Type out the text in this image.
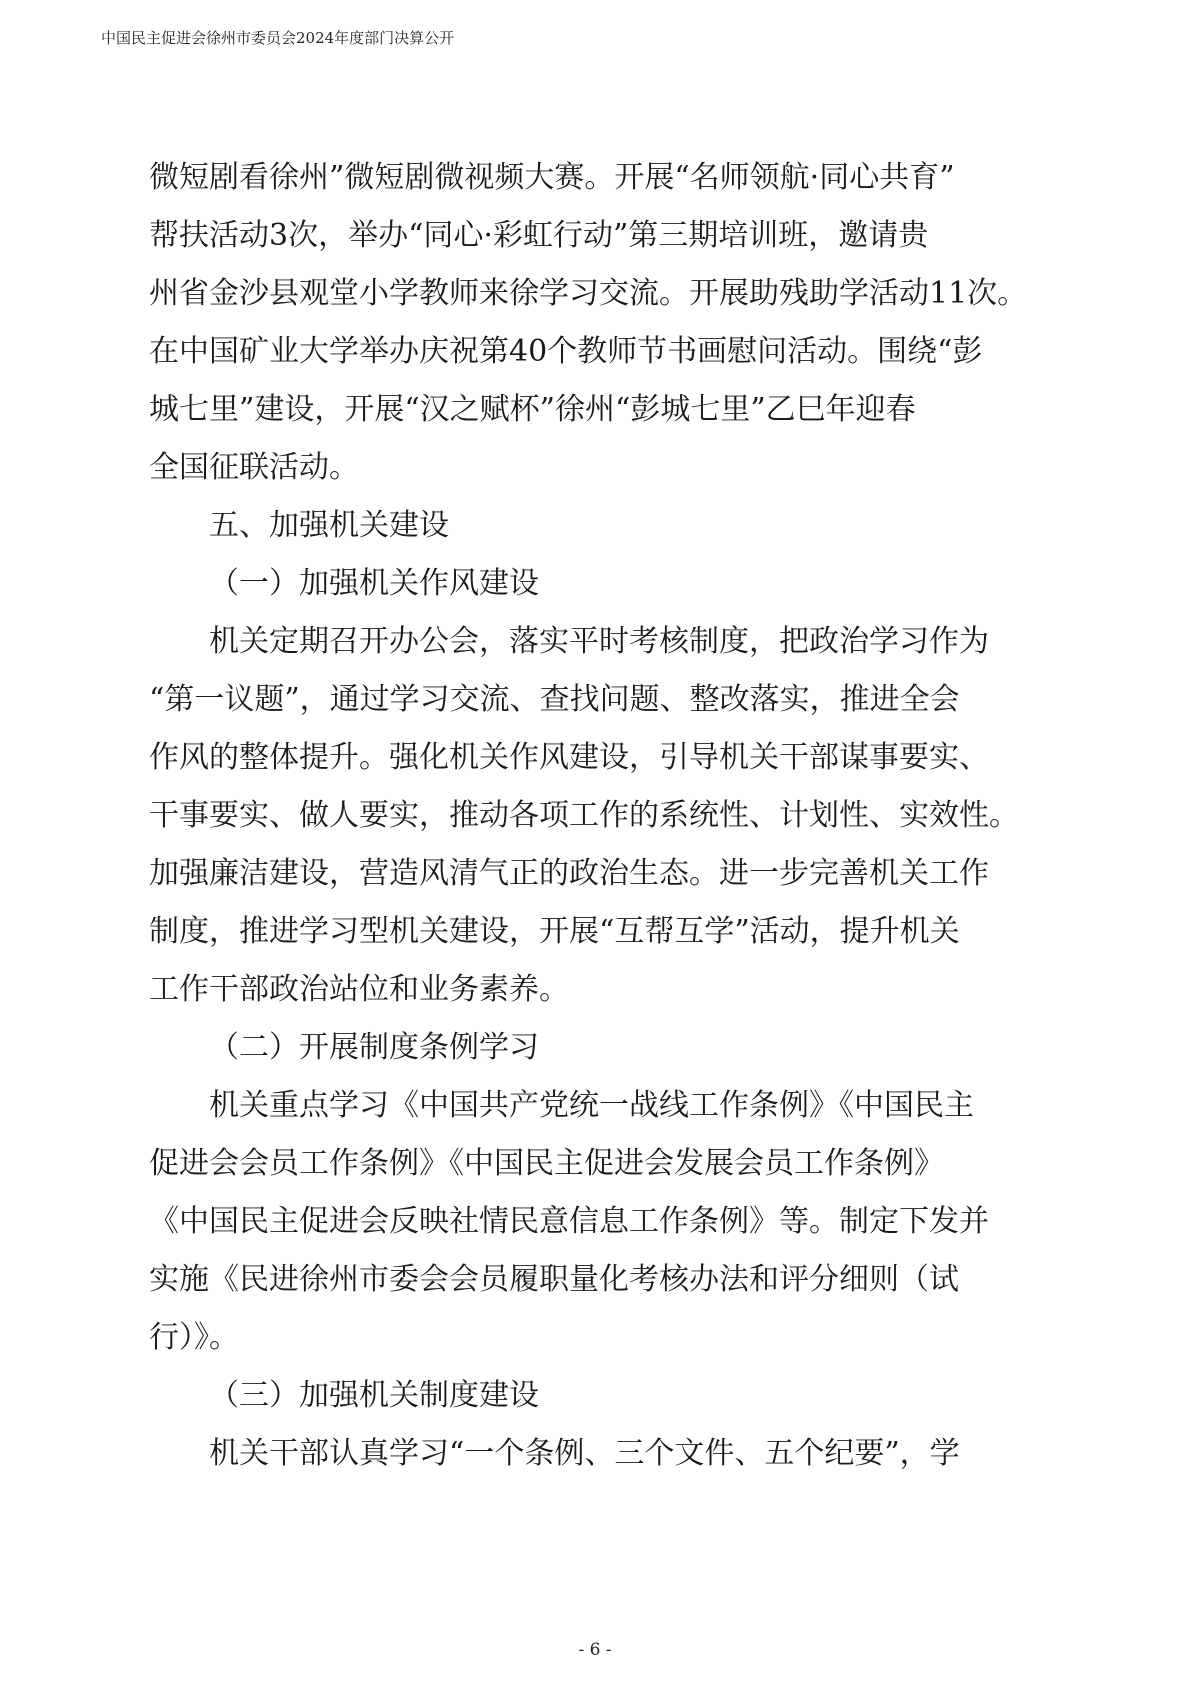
中国民主促进会徐州市委员会2024年度部门决算公开
微短剧看徐州”微短剧微视频大赛。开展“名师领航·同心共育”
帮扶活动3次，举办“同心·彩虹行动”第三期培训班，邀请贵
州省金沙县观堂小学教师来徐学习交流。开展助残助学活动11次。
在中国矿业大学举办庆祝第40个教师节书画慰问活动。围绕“彭
城七里”建设，开展“汉之赋杯”徐州“彭城七里”乙巳年迎春
全国征联活动。
五、加强机关建设
（一）加强机关作风建设
机关定期召开办公会，落实平时考核制度，把政治学习作为
“第一议题”，通过学习交流、查找问题、整改落实，推进全会
作风的整体提升。强化机关作风建设，引导机关干部谋事要实、
干事要实、做人要实，推动各项工作的系统性、计划性、实效性。
加强廉洁建设，营造风清气正的政治生态。进一步完善机关工作
制度，推进学习型机关建设，开展“互帮互学”活动，提升机关
工作干部政治站位和业务素养。
（二）开展制度条例学习
机关重点学习《中国共产党统一战线工作条例》《中国民主
促进会会员工作条例》《中国民主促进会发展会员工作条例》
《中国民主促进会反映社情民意信息工作条例》等。制定下发并
实施《民进徐州市委会会员履职量化考核办法和评分细则（试
行）》。
（三）加强机关制度建设
机关干部认真学习“一个条例、三个文件、五个纪要”，学
- 6 -
